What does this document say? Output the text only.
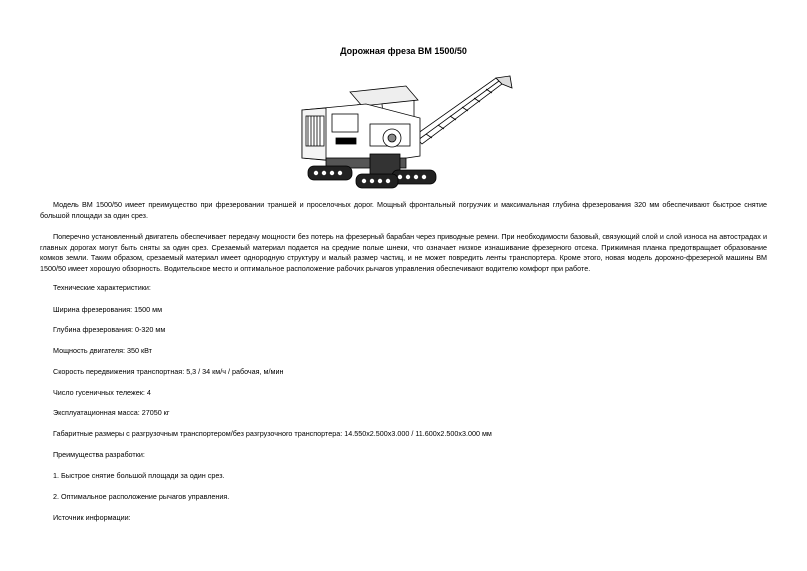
Дорожная фреза ВМ 1500/50
Модель ВМ 1500/50 имеет преимущество при фрезеровании траншей и проселочных дорог. Мощный фронтальный погрузчик и максимальная глубина фрезерования 320 мм обеспечивают быстрое снятие большой площади за один срез.
Поперечно установленный двигатель обеспечивает передачу мощности без потерь на фрезерный барабан через приводные ремни. При необходимости базовый, связующий слой и слой износа на автострадах и главных дорогах могут быть сняты за один срез. Срезаемый материал подается на средние полые шнеки, что означает низкое изнашивание фрезерного отсека. Прижимная планка предотвращает образование комков земли. Таким образом, срезаемый материал имеет однородную структуру и малый размер частиц, и не может повредить ленты транспортера. Кроме этого, новая модель дорожно-фрезерной машины ВМ 1500/50 имеет хорошую обзорность. Водительское место и оптимальное расположение рабочих рычагов управления обеспечивают водителю комфорт при работе.
Технические характеристики:
Ширина фрезерования: 1500 мм
Глубина фрезерования: 0-320 мм
Мощность двигателя: 350 кВт
Скорость передвижения транспортная: 5,3 / 34 км/ч / рабочая, м/мин
Число гусеничных тележек: 4
Эксплуатационная масса: 27050 кг
Габаритные размеры с разгрузочным транспортером/без разгрузочного транспортера: 14.550x2.500x3.000 / 11.600x2.500x3.000 мм
Преимущества разработки:
1. Быстрое снятие большой площади за один срез.
2. Оптимальное расположение рычагов управления.
Источник информации:
